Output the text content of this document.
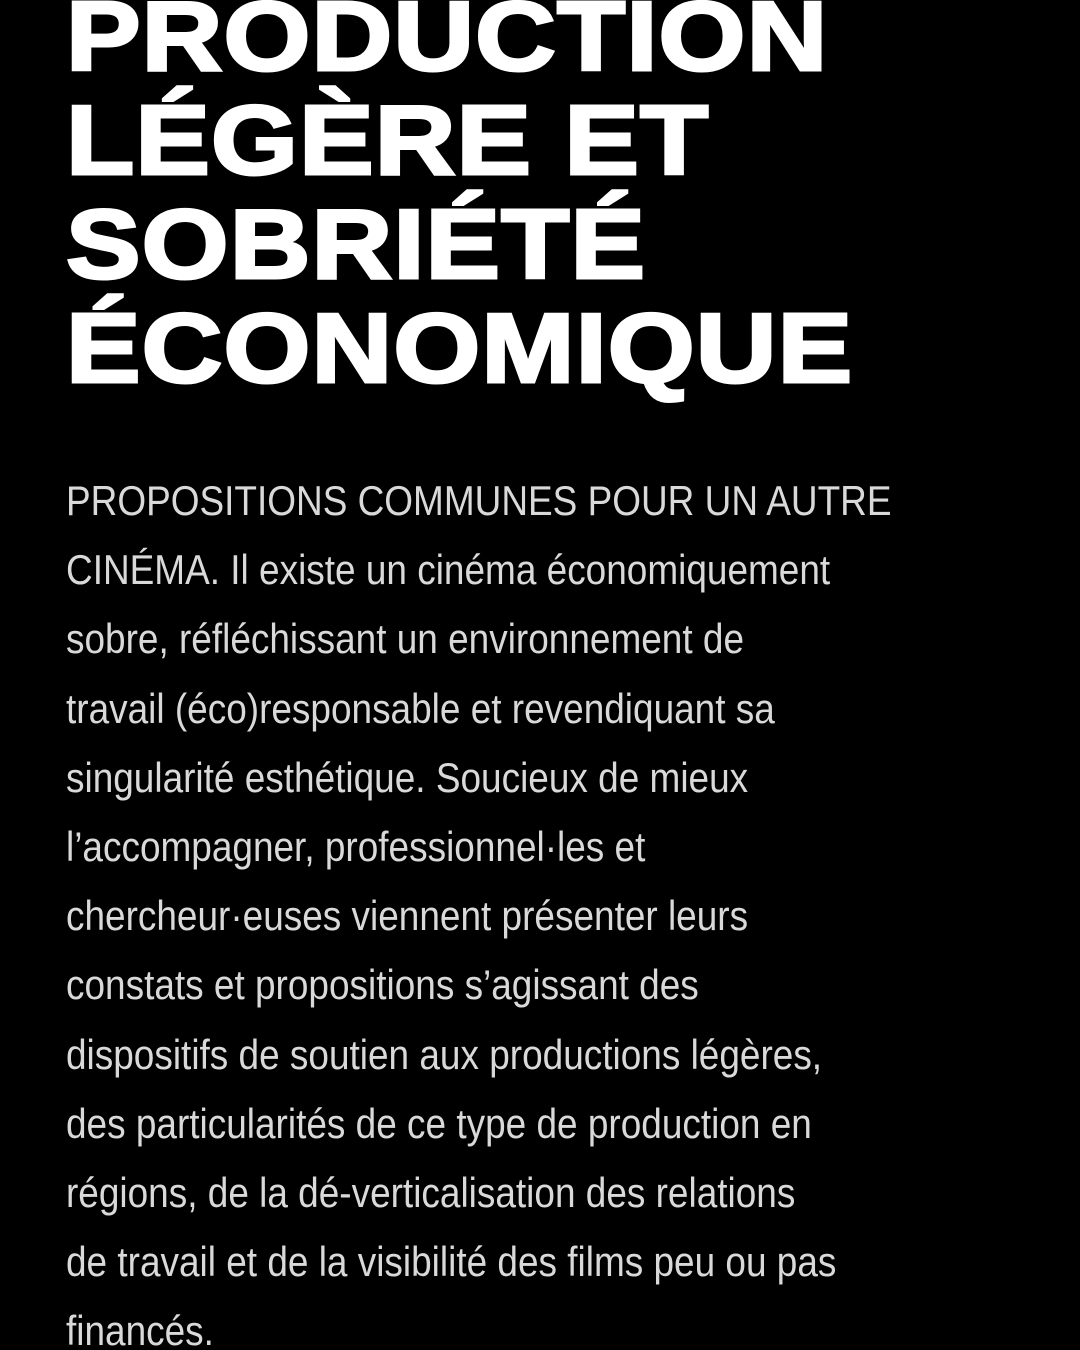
PRODUCTION
LÉGÈRE ET
SOBRIÉTÉ
ÉCONOMIQUE

PROPOSITIONS COMMUNES POUR UN AUTRE
CINÉMA. Il existe un cinéma économiquement
sobre, réfléchissant un environnement de
travail (éco)responsable et revendiquant sa
singularité esthétique. Soucieux de mieux
l’accompagner, professionnel·les et
chercheur·euses viennent présenter leurs
constats et propositions s’agissant des
dispositifs de soutien aux productions légères,
des particularités de ce type de production en
régions, de la dé-verticalisation des relations
de travail et de la visibilité des films peu ou pas
financés.
